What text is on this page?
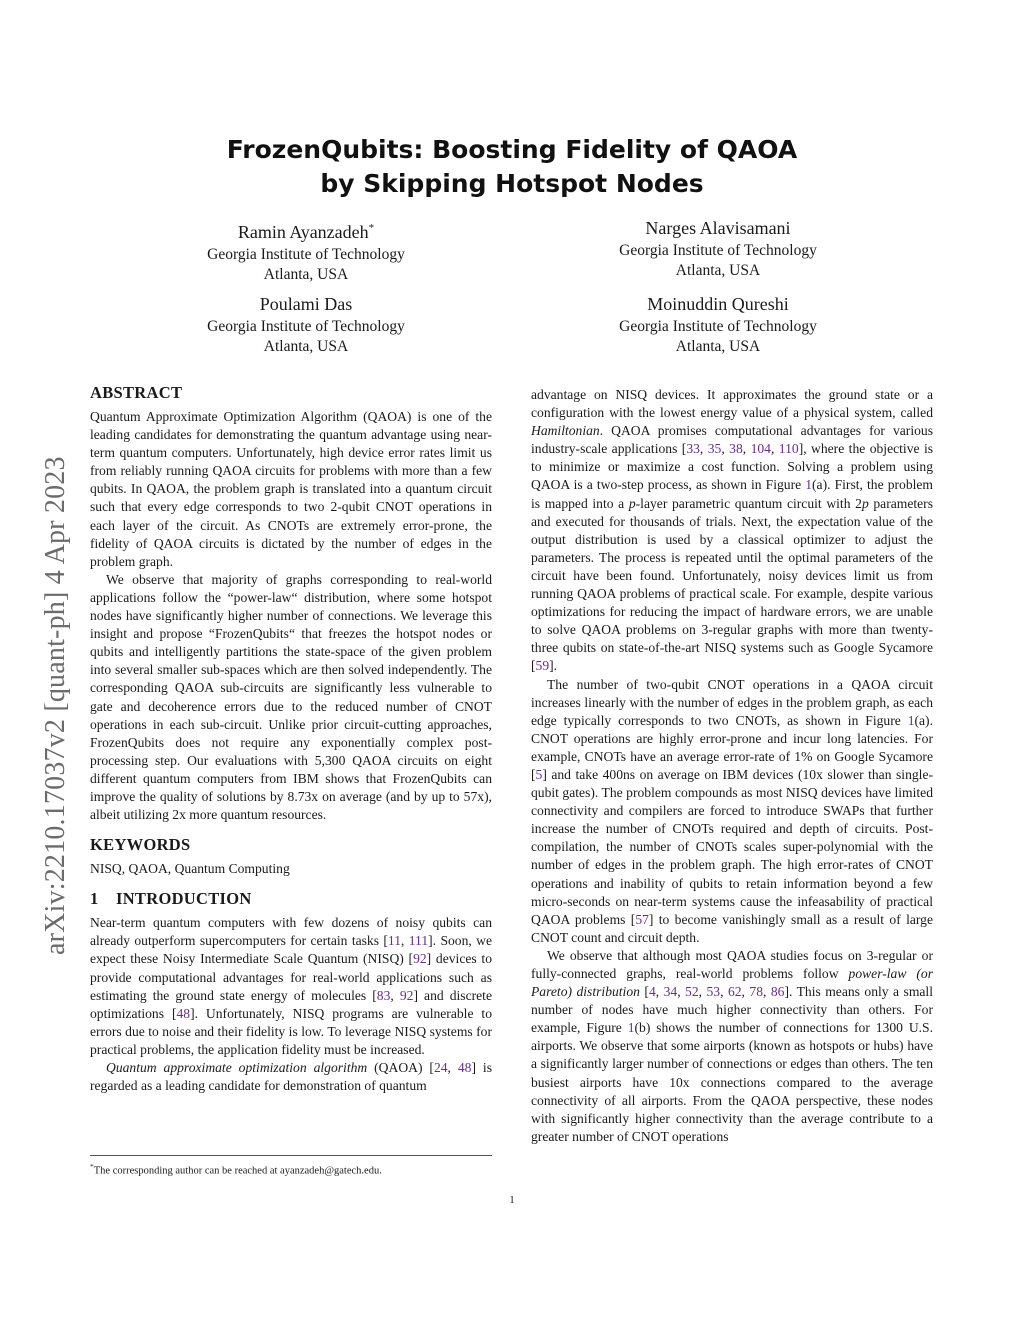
arXiv:2210.17037v2 [quant-ph] 4 Apr 2023
FrozenQubits: Boosting Fidelity of QAOA
by Skipping Hotspot Nodes
Ramin Ayanzadeh*
Georgia Institute of Technology
Atlanta, USA
Narges Alavisamani
Georgia Institute of Technology
Atlanta, USA
Poulami Das
Georgia Institute of Technology
Atlanta, USA
Moinuddin Qureshi
Georgia Institute of Technology
Atlanta, USA
ABSTRACT

Quantum Approximate Optimization Algorithm (QAOA) is one of the leading candidates for demonstrating the quantum advantage using near-term quantum computers. Unfortunately, high device error rates limit us from reliably running QAOA circuits for problems with more than a few qubits. In QAOA, the problem graph is translated into a quantum circuit such that every edge corresponds to two 2-qubit CNOT operations in each layer of the circuit. As CNOTs are extremely error-prone, the fidelity of QAOA circuits is dictated by the number of edges in the problem graph.

We observe that majority of graphs corresponding to real-world applications follow the “power-law“ distribution, where some hotspot nodes have significantly higher number of connections. We leverage this insight and propose “FrozenQubits“ that freezes the hotspot nodes or qubits and intelligently partitions the state-space of the given problem into several smaller sub-spaces which are then solved independently. The corresponding QAOA sub-circuits are significantly less vulnerable to gate and decoherence errors due to the reduced number of CNOT operations in each sub-circuit. Unlike prior circuit-cutting approaches, FrozenQubits does not require any exponentially complex post-processing step. Our evaluations with 5,300 QAOA circuits on eight different quantum computers from IBM shows that FrozenQubits can improve the quality of solutions by 8.73x on average (and by up to 57x), albeit utilizing 2x more quantum resources.

KEYWORDS

NISQ, QAOA, Quantum Computing

1 INTRODUCTION

Near-term quantum computers with few dozens of noisy qubits can already outperform supercomputers for certain tasks [11, 111]. Soon, we expect these Noisy Intermediate Scale Quantum (NISQ) [92] devices to provide computational advantages for real-world applications such as estimating the ground state energy of molecules [83, 92] and discrete optimizations [48]. Unfortunately, NISQ programs are vulnerable to errors due to noise and their fidelity is low. To leverage NISQ systems for practical problems, the application fidelity must be increased.

Quantum approximate optimization algorithm (QAOA) [24, 48] is regarded as a leading candidate for demonstration of quantum

advantage on NISQ devices. It approximates the ground state or a configuration with the lowest energy value of a physical system, called Hamiltonian. QAOA promises computational advantages for various industry-scale applications [33, 35, 38, 104, 110], where the objective is to minimize or maximize a cost function. Solving a problem using QAOA is a two-step process, as shown in Figure 1(a). First, the problem is mapped into a p-layer parametric quantum circuit with 2p parameters and executed for thousands of trials. Next, the expectation value of the output distribution is used by a classical optimizer to adjust the parameters. The process is repeated until the optimal parameters of the circuit have been found. Unfortunately, noisy devices limit us from running QAOA problems of practical scale. For example, despite various optimizations for reducing the impact of hardware errors, we are unable to solve QAOA problems on 3-regular graphs with more than twenty-three qubits on state-of-the-art NISQ systems such as Google Sycamore [59].

The number of two-qubit CNOT operations in a QAOA circuit increases linearly with the number of edges in the problem graph, as each edge typically corresponds to two CNOTs, as shown in Figure 1(a). CNOT operations are highly error-prone and incur long latencies. For example, CNOTs have an average error-rate of 1% on Google Sycamore [5] and take 400ns on average on IBM devices (10x slower than single-qubit gates). The problem compounds as most NISQ devices have limited connectivity and compilers are forced to introduce SWAPs that further increase the number of CNOTs required and depth of circuits. Post-compilation, the number of CNOTs scales super-polynomial with the number of edges in the problem graph. The high error-rates of CNOT operations and inability of qubits to retain information beyond a few micro-seconds on near-term systems cause the infeasability of practical QAOA problems [57] to become vanishingly small as a result of large CNOT count and circuit depth.

We observe that although most QAOA studies focus on 3-regular or fully-connected graphs, real-world problems follow power-law (or Pareto) distribution [4, 34, 52, 53, 62, 78, 86]. This means only a small number of nodes have much higher connectivity than others. For example, Figure 1(b) shows the number of connections for 1300 U.S. airports. We observe that some airports (known as hotspots or hubs) have a significantly larger number of connections or edges than others. The ten busiest airports have 10x connections compared to the average connectivity of all airports. From the QAOA perspective, these nodes with significantly higher connectivity than the average contribute to a greater number of CNOT operations

*The corresponding author can be reached at ayanzadeh@gatech.edu.
1
